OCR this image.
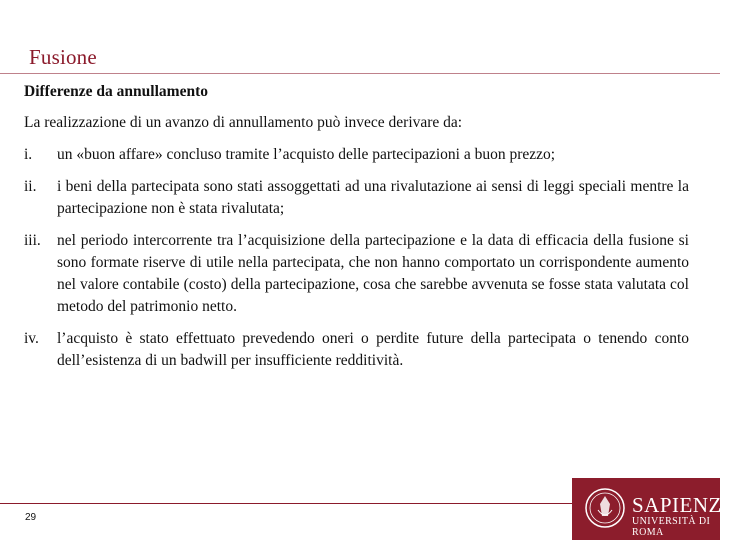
Fusione
Differenze da annullamento
La realizzazione di un avanzo di annullamento può invece derivare da:
i.	un «buon affare» concluso tramite l’acquisto delle partecipazioni a buon prezzo;
ii.	i beni della partecipata sono stati assoggettati ad una rivalutazione ai sensi di leggi speciali mentre la partecipazione non è stata rivalutata;
iii.	nel periodo intercorrente tra l’acquisizione della partecipazione e la data di efficacia della fusione si sono formate riserve di utile nella partecipata, che non hanno comportato un corrispondente aumento nel valore contabile (costo) della partecipazione, cosa che sarebbe avvenuta se fosse stata valutata col metodo del patrimonio netto.
iv.	l’acquisto è stato effettuato prevedendo oneri o perdite future della partecipata o tenendo conto dell’esistenza di un badwill per insufficiente redditività.
29
SAPIENZA
UNIVERSITÀ DI ROMA
